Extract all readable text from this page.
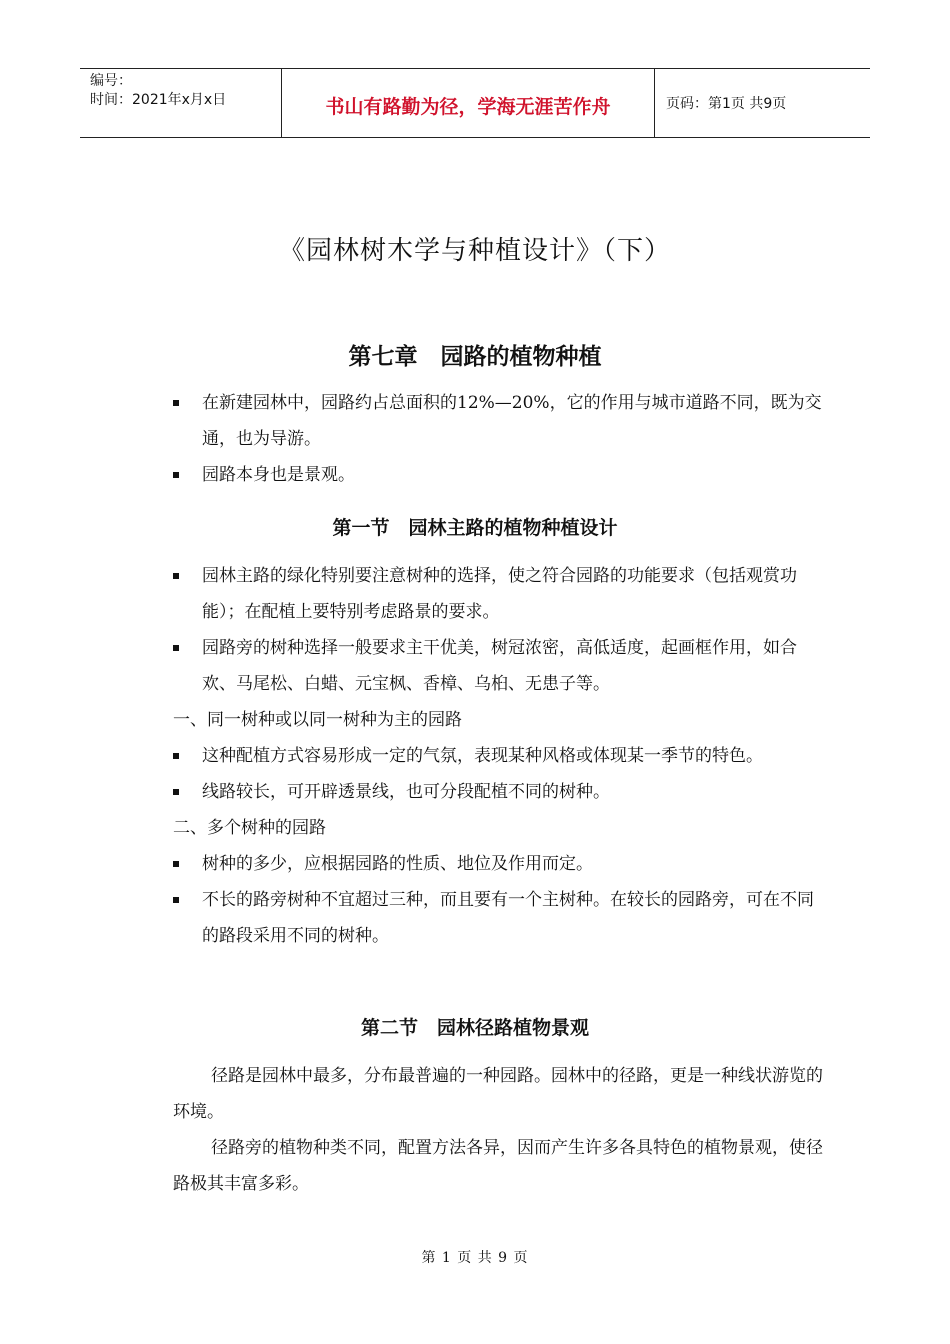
编号：
时间：2021年x月x日	书山有路勤为径，学海无涯苦作舟	页码：第1页 共9页
《园林树木学与种植设计》（下）
第七章　园路的植物种植
在新建园林中，园路约占总面积的12%—20%，它的作用与城市道路不同，既为交通，也为导游。
园路本身也是景观。
第一节　园林主路的植物种植设计
园林主路的绿化特别要注意树种的选择，使之符合园路的功能要求（包括观赏功能）；在配植上要特别考虑路景的要求。
园路旁的树种选择一般要求主干优美，树冠浓密，高低适度，起画框作用，如合欢、马尾松、白蜡、元宝枫、香樟、乌桕、无患子等。
一、同一树种或以同一树种为主的园路
这种配植方式容易形成一定的气氛，表现某种风格或体现某一季节的特色。
线路较长，可开辟透景线，也可分段配植不同的树种。
二、多个树种的园路
树种的多少，应根据园路的性质、地位及作用而定。
不长的路旁树种不宜超过三种，而且要有一个主树种。在较长的园路旁，可在不同的路段采用不同的树种。
第二节　园林径路植物景观
径路是园林中最多，分布最普遍的一种园路。园林中的径路，更是一种线状游览的环境。
径路旁的植物种类不同，配置方法各异，因而产生许多各具特色的植物景观，使径路极其丰富多彩。
第 1 页 共 9 页
